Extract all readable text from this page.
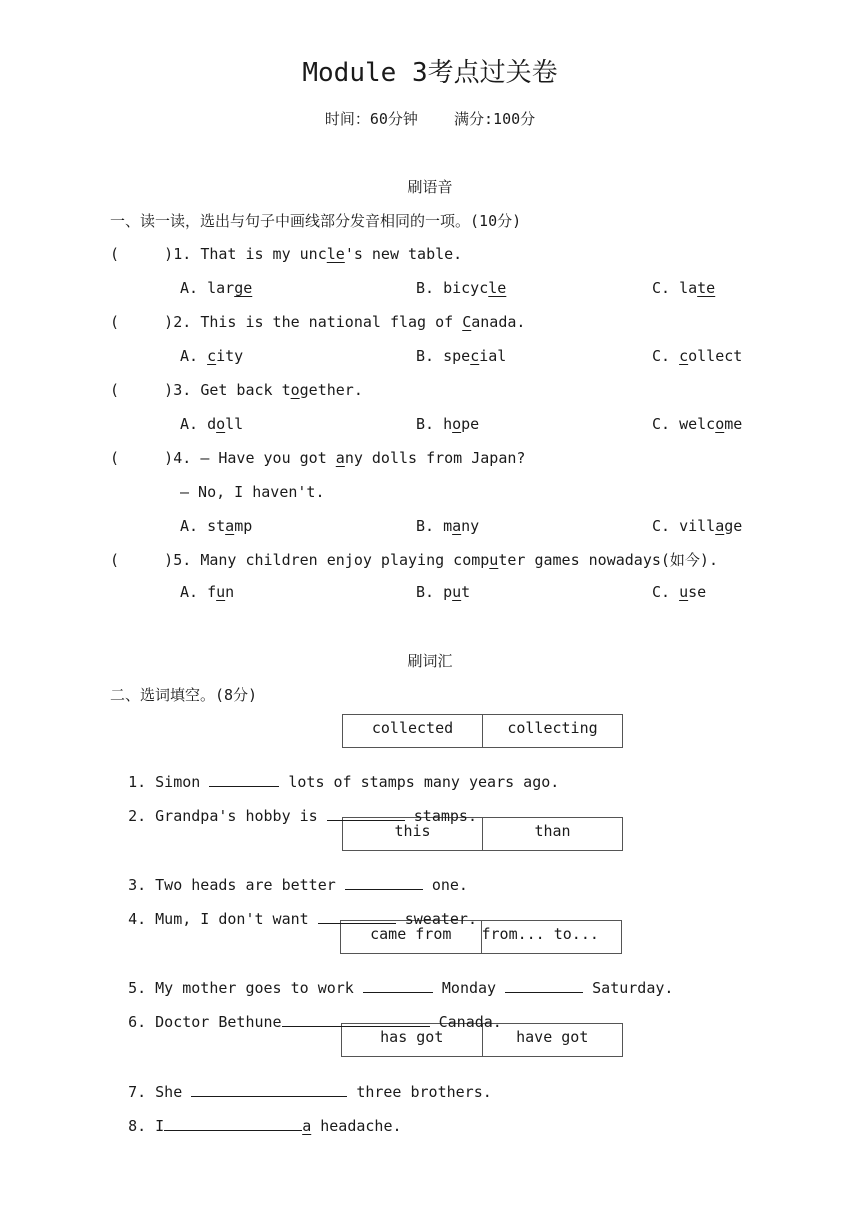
Module 3考点过关卷
时间：60分钟    满分:100分
刷语音
一、读一读，选出与句子中画线部分发音相同的一项。(10分)
(     )1. That is my uncle's new table.
A. large	B. bicycle	C. late
(     )2. This is the national flag of Canada.
A. city	B. special	C. collect
(     )3. Get back together.
A. doll	B. hope	C. welcome
(     )4. — Have you got any dolls from Japan?
— No, I haven't.
A. stamp	B. many	C. village
(     )5. Many children enjoy playing computer games nowadays(如今).
A. fun	B. put	C. use
刷词汇
二、选词填空。(8分)
collected	collecting
this	than
came from	from... to...
has got	have got

1. Simon	lots of stamps many years ago.

2. Grandpa's hobby is	stamps.

3. Two heads are better	one.

4. Mum, I don't want	sweater.

5. My mother goes to work	Monday	Saturday.

6. Doctor Bethune	Canada.

7. She	three brothers.

8. I	a headache.
